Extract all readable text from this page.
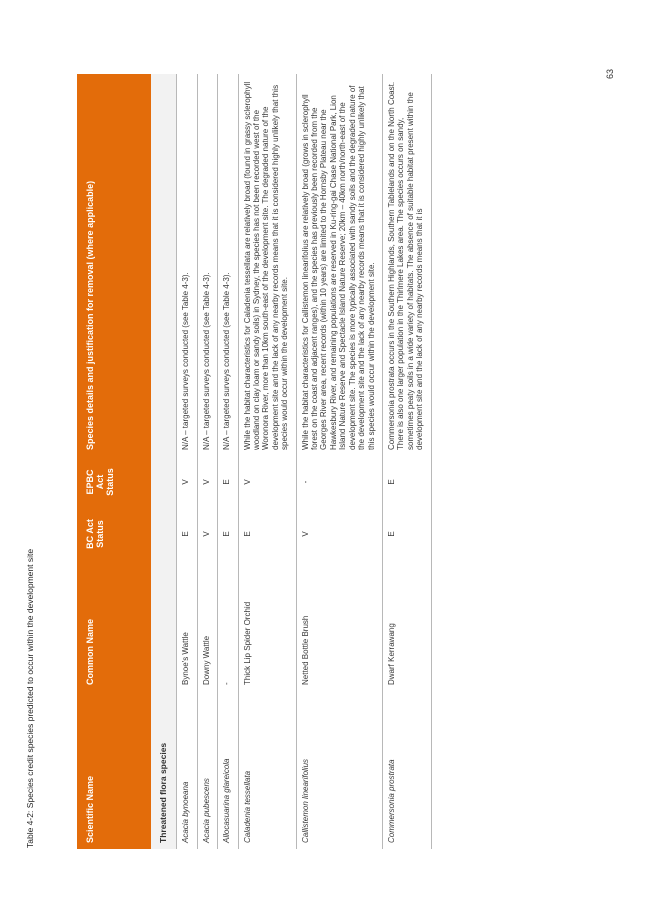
Table 4-2: Species credit species predicted to occur within the development site	Scientific Name	Common Name	BC Act Status	EPBC Act Status	Species details and justification for removal (where applicable)
Threatened flora species				
Acacia bynoeana	Bynoe's Wattle	E	V	N/A – targeted surveys conducted (see Table 4-3).
Acacia pubescens	Downy Wattle	V	V	N/A – targeted surveys conducted (see Table 4-3).
Allocasuarina glareicola	-	E	E	N/A – targeted surveys conducted (see Table 4-3).
Caladenia tessellata	Thick Lip Spider Orchid	E	V	While the habitat characteristics for Caladenia tessellata are relatively broad (found in grassy sclerophyll woodland on clay loam or sandy soils) in Sydney, the species has not been recorded west of the Woronora River, more than 10km south-east of the development site. The degraded nature of the development site and the lack of any nearby records means that it is considered highly unlikely that this species would occur within the development site.
Callistemon linearifolius	Netted Bottle Brush	V	-	While the habitat characteristics for Callistemon linearifolius are relatively broad (grows in sclerophyll forest on the coast and adjacent ranges), and the species has previously been recorded from the Georges River area, recent records (within 10 years) are limited to the Hornsby Plateau near the Hawkesbury River, and remaining populations are reserved in Ku-ring-gai Chase National Park, Lion Island Nature Reserve and Spectacle Island Nature Reserve; 20km – 40km north/north-east of the development site. The species is more typically associated with sandy soils and the degraded nature of the development site and the lack of any nearby records means that it is considered highly unlikely that this species would occur within the development site.
Commersonia prostrata	Dwarf Kerrawang	E	E	Commersonia prostrata occurs in the Southern Highlands, Southern Tablelands and on the North Coast. There is also one larger population in the Thirlmere Lakes area. The species occurs on sandy, sometimes peaty soils in a wide variety of habitats. The absence of suitable habitat present within the development site and the lack of any nearby records means that it is
63
